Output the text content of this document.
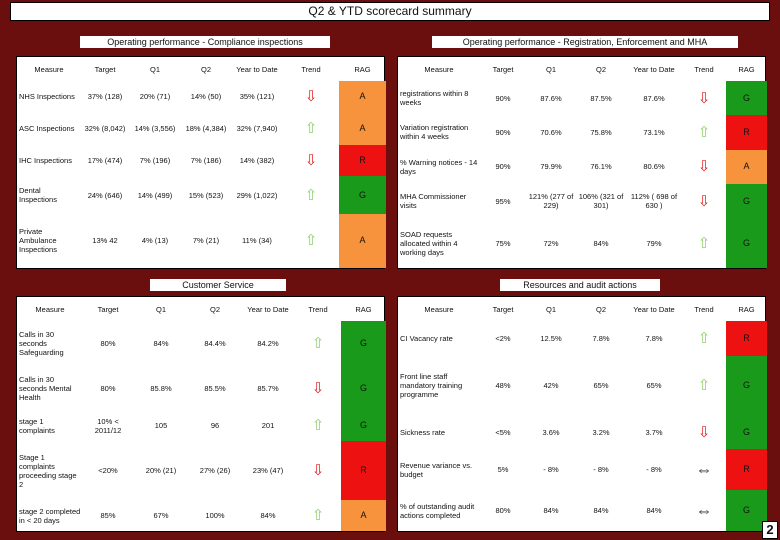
Q2 & YTD scorecard summary
Measure	Target	Q1	Q2	Year to Date	Trend	RAG
NHS Inspections	37% (128)	20% (71)	14% (50)	35% (121)	⇩	A
ASC Inspections	32% (8,042)	14% (3,556)	18% (4,384)	32% (7,940)	⇧	A
IHC Inspections	17% (474)	7% (196)	7% (186)	14% (382)	⇩	R
Dental Inspections	24% (646)	14% (499)	15% (523)	29% (1,022)	⇧	G
Private Ambulance Inspections	13% 42	4% (13)	7% (21)	11% (34)	⇧	A
Operating performance - Compliance inspections
Measure	Target	Q1	Q2	Year to Date	Trend	RAG
registrations within 8 weeks	90%	87.6%	87.5%	87.6%	⇩	G
Variation registration within 4 weeks	90%	70.6%	75.8%	73.1%	⇧	R
% Warning notices - 14 days	90%	79.9%	76.1%	80.6%	⇩	A
MHA Commissioner visits	95%	121% (277 of 229)	106% (321 of 301)	112% ( 698 of 630 )	⇩	G
SOAD requests allocated within 4 working days	75%	72%	84%	79%	⇧	G
Operating performance - Registration, Enforcement and MHA
Measure	Target	Q1	Q2	Year to Date	Trend	RAG
Calls in 30 seconds Safeguarding	80%	84%	84.4%	84.2%	⇧	G
Calls in 30 seconds Mental Health	80%	85.8%	85.5%	85.7%	⇩	G
stage 1 complaints	10% < 2011/12	105	96	201	⇧	G
Stage 1 complaints proceeding stage 2	<20%	20% (21)	27% (26)	23% (47)	⇩	R
stage 2 completed in < 20 days	85%	67%	100%	84%	⇧	A
Customer Service
Measure	Target	Q1	Q2	Year to Date	Trend	RAG
CI Vacancy rate	<2%	12.5%	7.8%	7.8%	⇧	R
Front line staff mandatory training programme	48%	42%	65%	65%	⇧	G
Sickness rate	<5%	3.6%	3.2%	3.7%	⇩	G
Revenue variance vs. budget	5%	- 8%	- 8%	- 8%	⇔	R
% of outstanding audit actions completed	80%	84%	84%	84%	⇔	G
Resources and audit actions
2
